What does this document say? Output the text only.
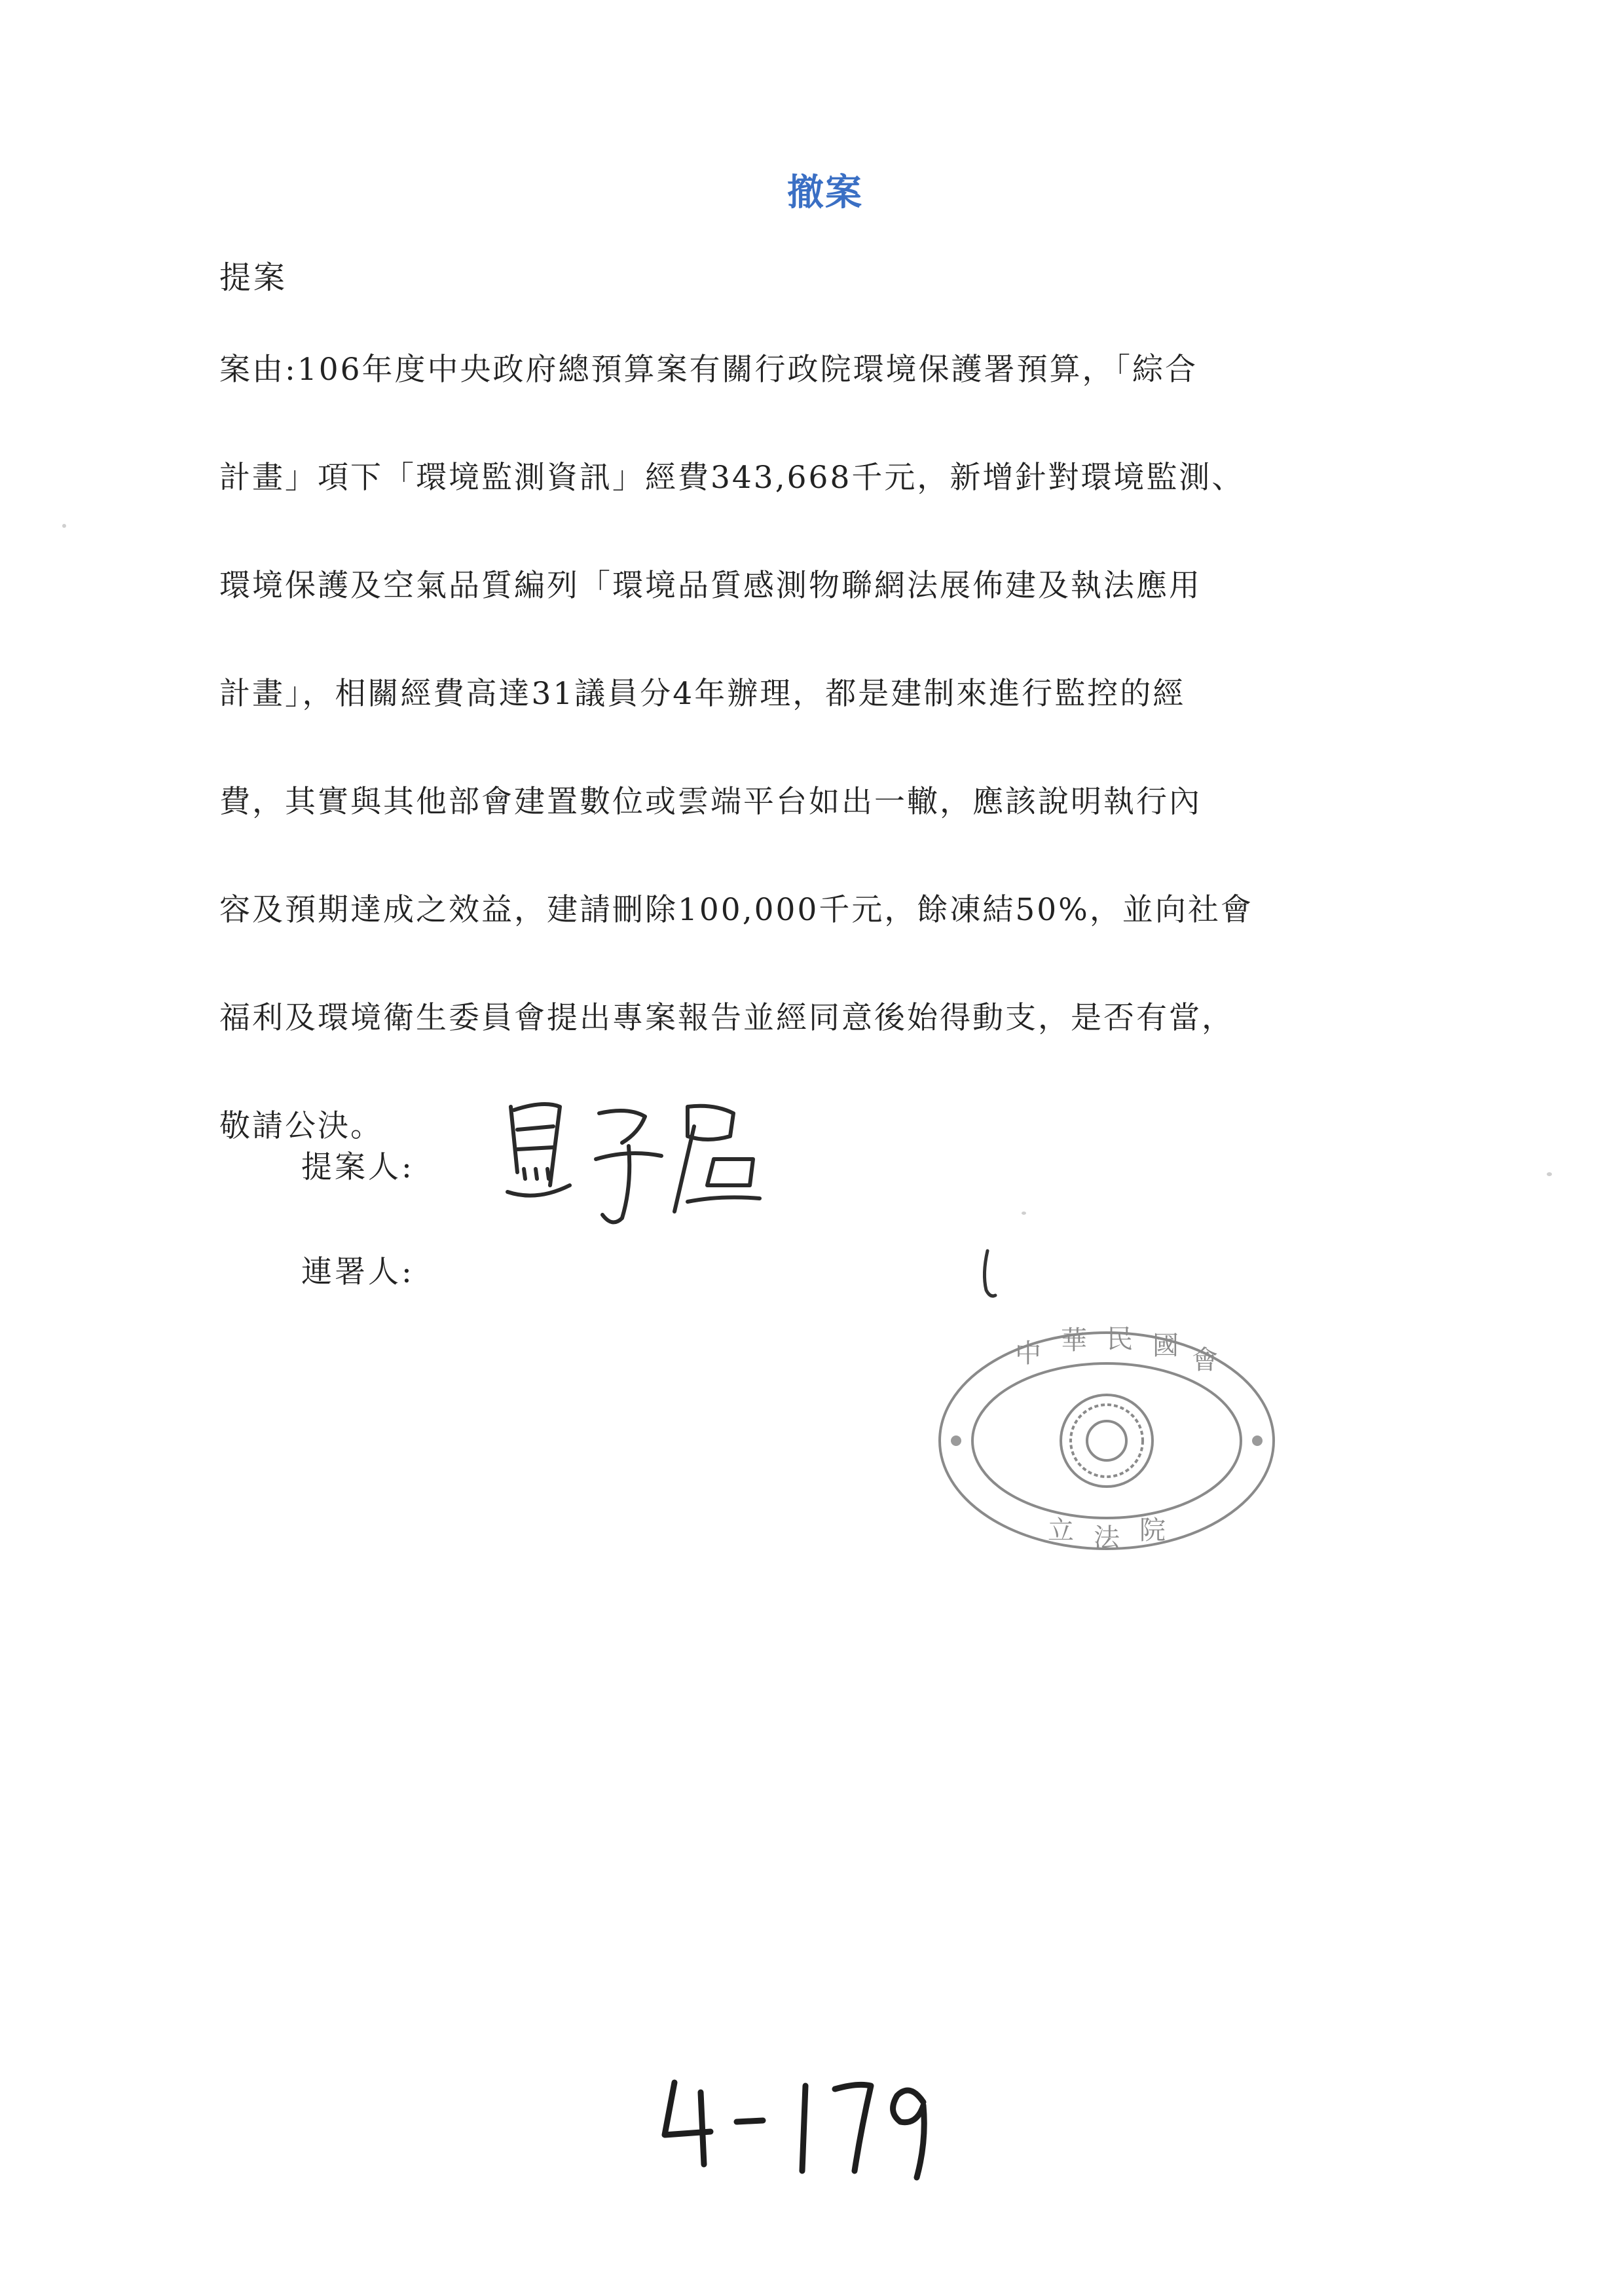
撤案
提案
案由:106年度中央政府總預算案有關行政院環境保護署預算，「綜合
計畫」項下「環境監測資訊」經費343,668千元，新增針對環境監測、
環境保護及空氣品質編列「環境品質感測物聯網法展佈建及執法應用
計畫」，相關經費高達31議員分4年辦理，都是建制來進行監控的經
費，其實與其他部會建置數位或雲端平台如出一轍，應該說明執行內
容及預期達成之效益，建請刪除100,000千元，餘凍結50%，並向社會
福利及環境衛生委員會提出專案報告並經同意後始得動支，是否有當，
敬請公決。
提案人:
連署人:
中 華 民 國 會
立 法 院
